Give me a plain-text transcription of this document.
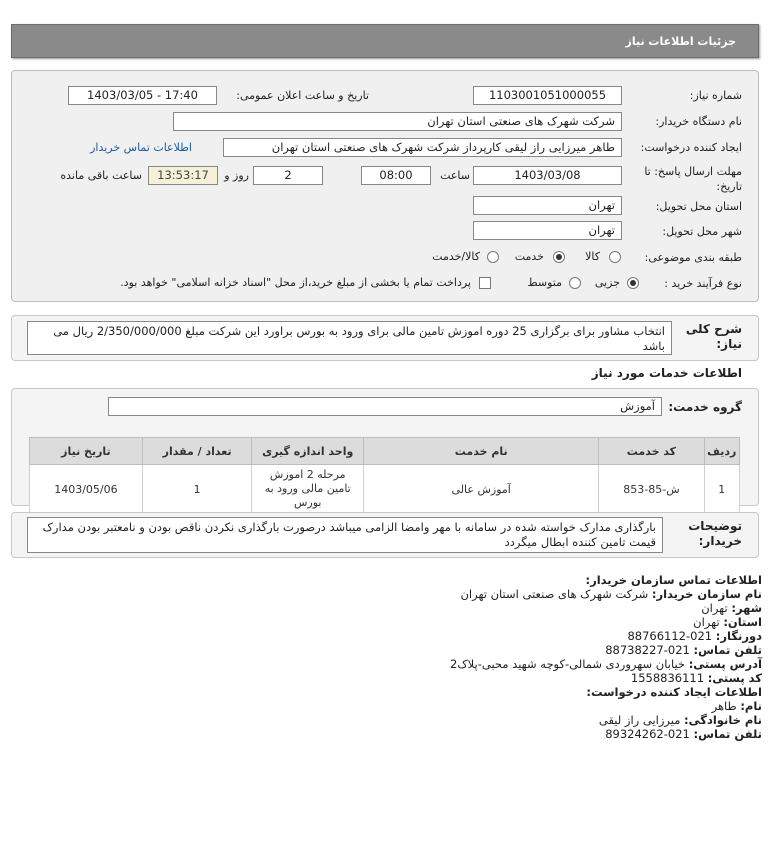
جزئیات اطلاعات نیاز
شماره نیاز:
1103001051000055
تاریخ و ساعت اعلان عمومی:
1403/03/05 - 17:40
نام دستگاه خریدار:
شرکت شهرک های صنعتی استان تهران
ایجاد کننده درخواست:
طاهر میرزایی راز لیقی کارپرداز شرکت شهرک های صنعتی استان تهران
اطلاعات تماس خریدار
مهلت ارسال پاسخ: تا تاریخ:
1403/03/08
ساعت
08:00
2
روز و
13:53:17
ساعت باقی مانده
استان محل تحویل:
تهران
شهر محل تحویل:
تهران
طبقه بندی موضوعی:
کالا
خدمت
کالا/خدمت
نوع فرآیند خرید :
جزیی
متوسط
پرداخت تمام یا بخشی از مبلغ خرید،از محل "اسناد خزانه اسلامی" خواهد بود.
شرح کلی نیاز:
انتخاب مشاور برای برگزاری 25 دوره اموزش تامین مالی برای ورود به بورس براورد این شرکت مبلغ 2/350/000/000 ریال می باشد
اطلاعات خدمات مورد نیاز
گروه خدمت:
آموزش
ردیف	کد خدمت	نام خدمت	واحد اندازه گیری	تعداد / مقدار	تاریخ نیاز
1	ش-85-853	آموزش عالی	مرحله 2 اموزش تامین مالی ورود به بورس	1	1403/05/06
توضیحات خریدار:
بارگذاری مدارک خواسته شده در سامانه با مهر وامضا الزامی میباشد درصورت بارگذاری نکردن ناقص بودن و نامعتبر بودن مدارک قیمت تامین کننده ابطال میگردد
اطلاعات تماس سازمان خریدار:
نام سازمان خریدار: شرکت شهرک های صنعتی استان تهران
شهر: تهران
استان: تهران
دورنگار: 021-88766112
تلفن تماس: 021-88738227
آدرس پستی: خیابان سهروردی شمالی-کوچه شهید محبی-پلاک2
کد پستی: 1558836111
اطلاعات ایجاد کننده درخواست:
نام: طاهر
نام خانوادگی: میرزایی راز لیقی
تلفن تماس: 021-89324262
